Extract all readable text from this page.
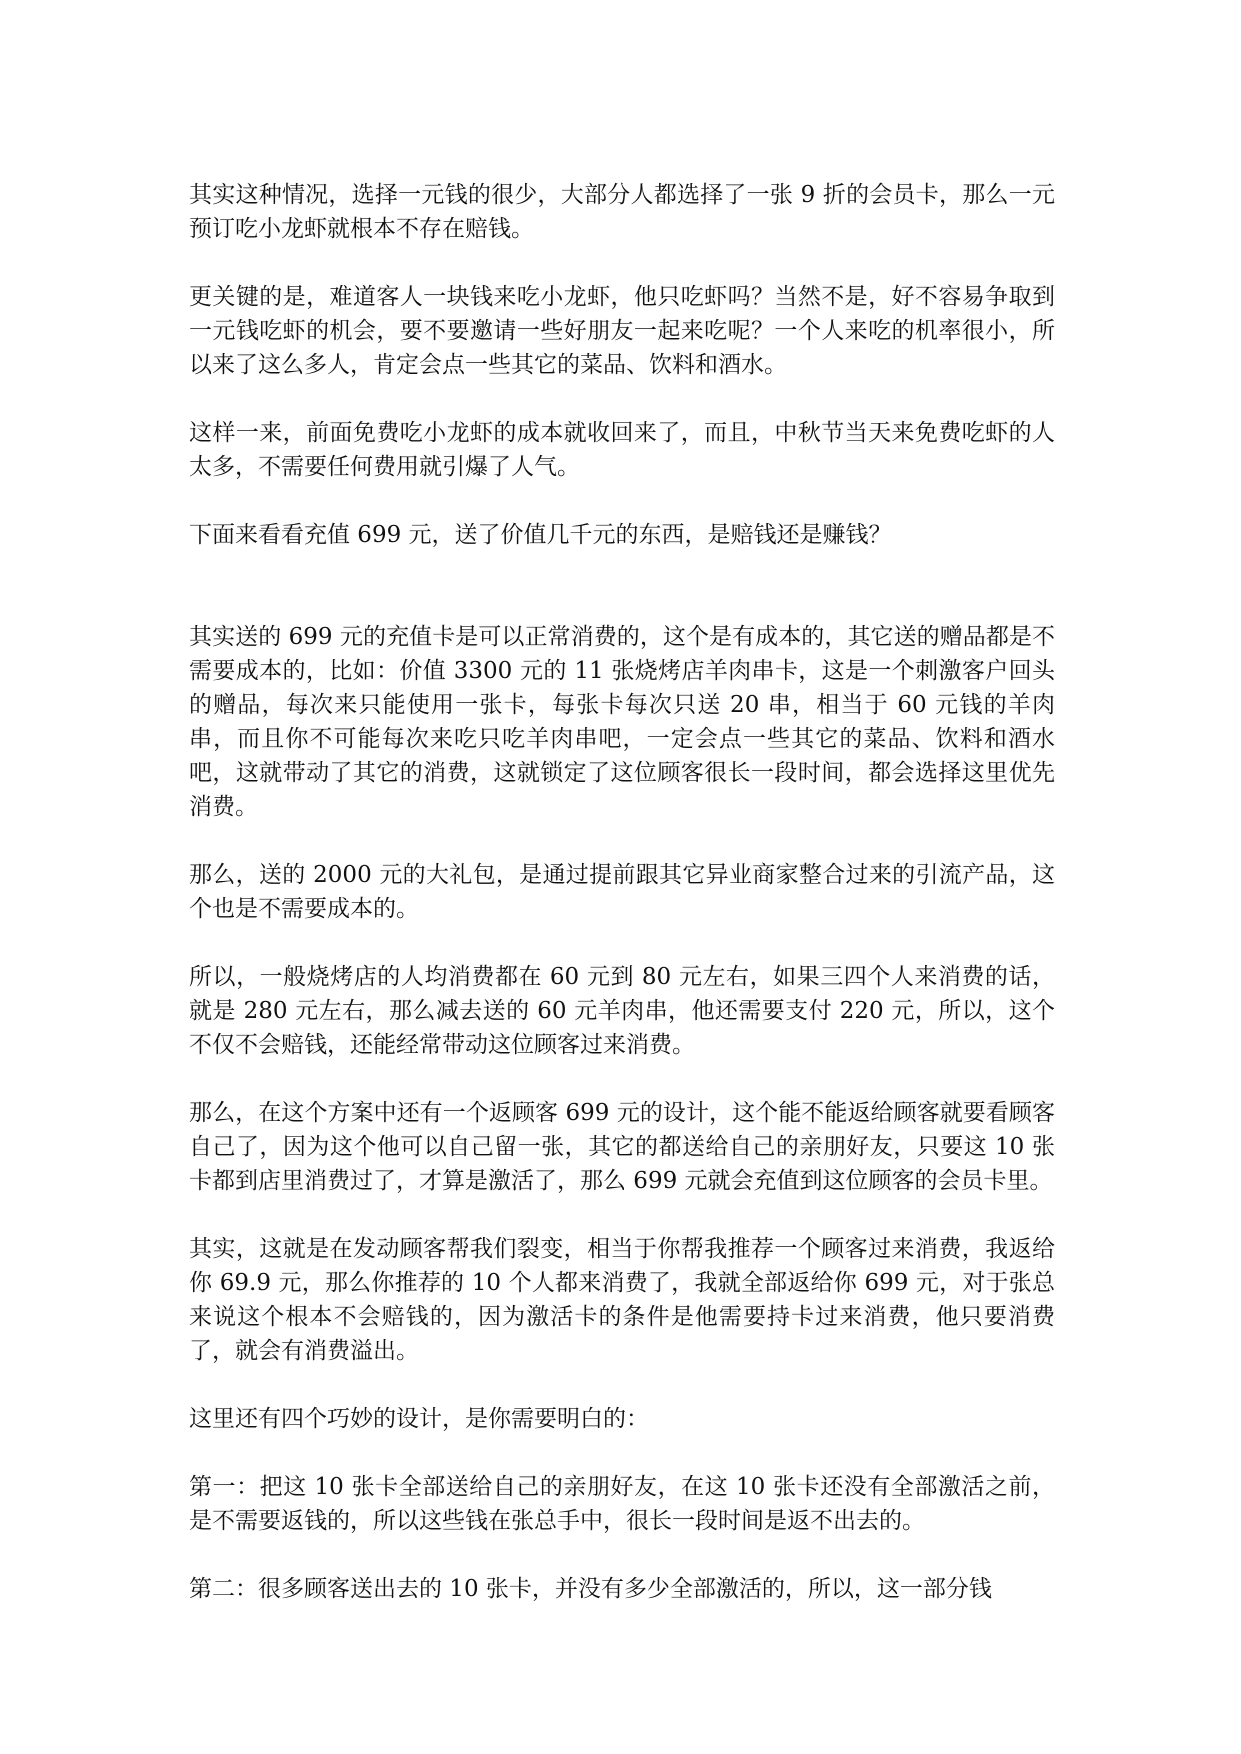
其实这种情况，选择一元钱的很少，大部分人都选择了一张 9 折的会员卡，那么一元预订吃小龙虾就根本不存在赔钱。

更关键的是，难道客人一块钱来吃小龙虾，他只吃虾吗？当然不是，好不容易争取到一元钱吃虾的机会，要不要邀请一些好朋友一起来吃呢？一个人来吃的机率很小，所以来了这么多人，肯定会点一些其它的菜品、饮料和酒水。

这样一来，前面免费吃小龙虾的成本就收回来了，而且，中秋节当天来免费吃虾的人太多，不需要任何费用就引爆了人气。

下面来看看充值 699 元，送了价值几千元的东西，是赔钱还是赚钱？

其实送的 699 元的充值卡是可以正常消费的，这个是有成本的，其它送的赠品都是不需要成本的，比如：价值 3300 元的 11 张烧烤店羊肉串卡，这是一个刺激客户回头的赠品，每次来只能使用一张卡，每张卡每次只送 20 串，相当于 60 元钱的羊肉串，而且你不可能每次来吃只吃羊肉串吧，一定会点一些其它的菜品、饮料和酒水吧，这就带动了其它的消费，这就锁定了这位顾客很长一段时间，都会选择这里优先消费。

那么，送的 2000 元的大礼包，是通过提前跟其它异业商家整合过来的引流产品，这个也是不需要成本的。

所以，一般烧烤店的人均消费都在 60 元到 80 元左右，如果三四个人来消费的话，就是 280 元左右，那么减去送的 60 元羊肉串，他还需要支付 220 元，所以，这个不仅不会赔钱，还能经常带动这位顾客过来消费。

那么，在这个方案中还有一个返顾客 699 元的设计，这个能不能返给顾客就要看顾客自己了，因为这个他可以自己留一张，其它的都送给自己的亲朋好友，只要这 10 张卡都到店里消费过了，才算是激活了，那么 699 元就会充值到这位顾客的会员卡里。

其实，这就是在发动顾客帮我们裂变，相当于你帮我推荐一个顾客过来消费，我返给你 69.9 元，那么你推荐的 10 个人都来消费了，我就全部返给你 699 元，对于张总来说这个根本不会赔钱的，因为激活卡的条件是他需要持卡过来消费，他只要消费了，就会有消费溢出。

这里还有四个巧妙的设计，是你需要明白的：

第一：把这 10 张卡全部送给自己的亲朋好友，在这 10 张卡还没有全部激活之前，是不需要返钱的，所以这些钱在张总手中，很长一段时间是返不出去的。

第二：很多顾客送出去的 10 张卡，并没有多少全部激活的，所以，这一部分钱
